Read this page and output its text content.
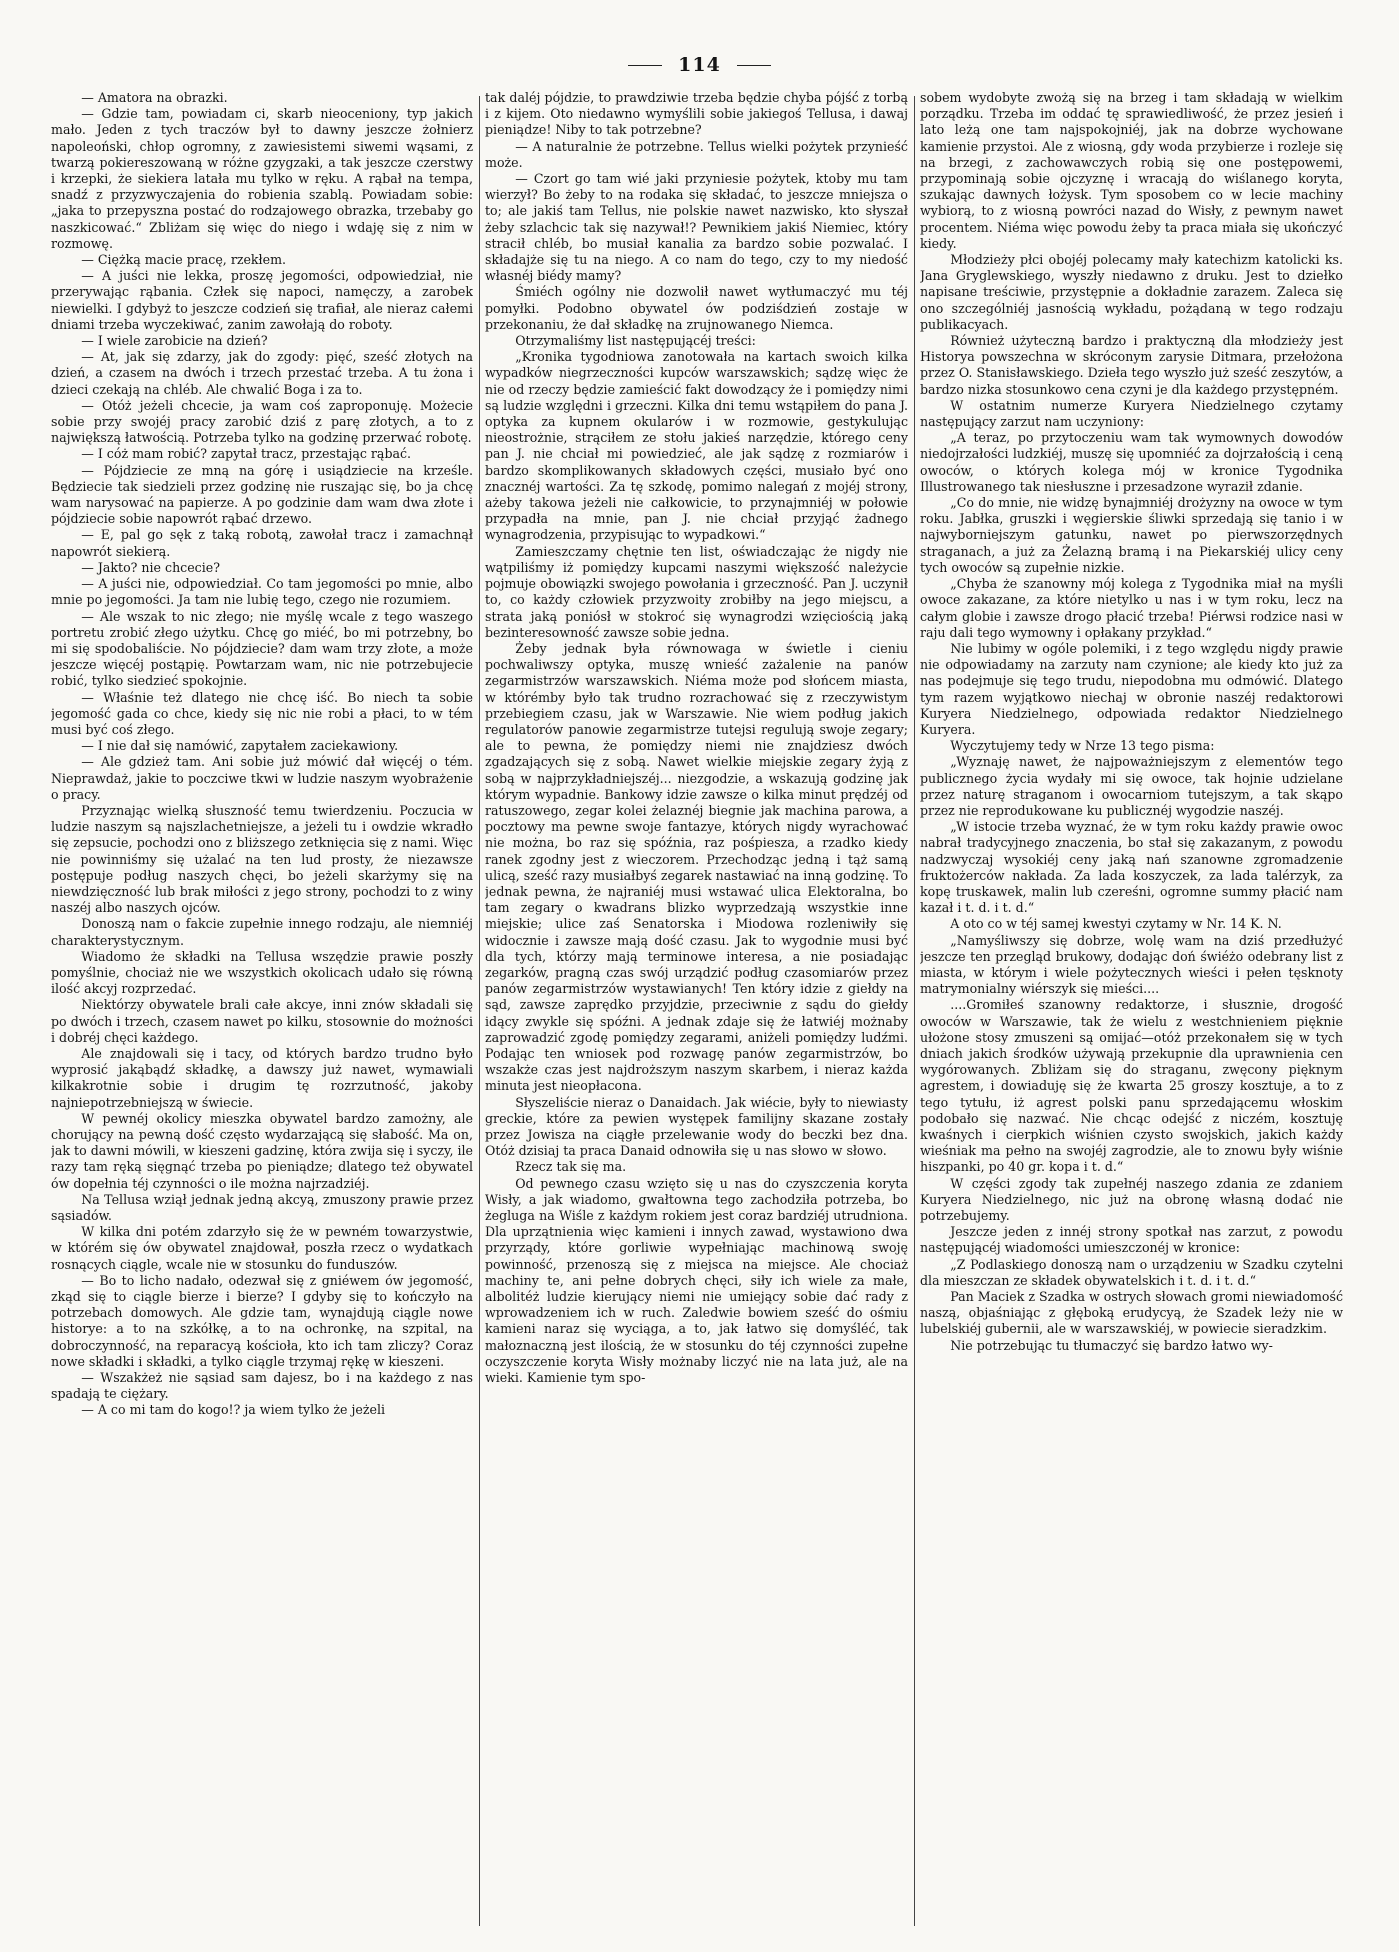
114

— Amatora na obrazki.

— Gdzie tam, powiadam ci, skarb nieoceniony, typ jakich mało. Jeden z tych traczów był to dawny jeszcze żołnierz napoleoński, chłop ogromny, z zawiesistemi siwemi wąsami, z twarzą pokiereszowaną w różne gzygzaki, a tak jeszcze czerstwy i krzepki, że siekiera latała mu tylko w ręku. A rąbał na tempa, snadź z przyzwyczajenia do robienia szablą. Powiadam sobie: „jaka to przepyszna postać do rodzajowego obrazka, trzebaby go naszkicować.“ Zbliżam się więc do niego i wdaję się z nim w rozmowę.

— Ciężką macie pracę, rzekłem.

— A juści nie lekka, proszę jegomości, odpowiedział, nie przerywając rąbania. Człek się napoci, namęczy, a zarobek niewielki. I gdybyż to jeszcze codzień się trafiał, ale nieraz całemi dniami trzeba wyczekiwać, zanim zawołają do roboty.

— I wiele zarobicie na dzień?

— At, jak się zdarzy, jak do zgody: pięć, sześć złotych na dzień, a czasem na dwóch i trzech przestać trzeba. A tu żona i dzieci czekają na chléb. Ale chwalić Boga i za to.

— Otóż jeżeli chcecie, ja wam coś zaproponuję. Możecie sobie przy swojéj pracy zarobić dziś z parę złotych, a to z największą łatwością. Potrzeba tylko na godzinę przerwać robotę.

— I cóż mam robić? zapytał tracz, przestając rąbać.

— Pójdziecie ze mną na górę i usiądziecie na krześle. Będziecie tak siedzieli przez godzinę nie ruszając się, bo ja chcę wam narysować na papierze. A po godzinie dam wam dwa złote i pójdziecie sobie napowrót rąbać drzewo.

— E, pal go sęk z taką robotą, zawołał tracz i zamachnął napowrót siekierą.

— Jakto? nie chcecie?

— A juści nie, odpowiedział. Co tam jegomości po mnie, albo mnie po jegomości. Ja tam nie lubię tego, czego nie rozumiem.

— Ale wszak to nic złego; nie myślę wcale z tego waszego portretu zrobić złego użytku. Chcę go miéć, bo mi potrzebny, bo mi się spodobaliście. No pójdziecie? dam wam trzy złote, a może jeszcze więcéj postąpię. Powtarzam wam, nic nie potrzebujecie robić, tylko siedzieć spokojnie.

— Właśnie też dlatego nie chcę iść. Bo niech ta sobie jegomość gada co chce, kiedy się nic nie robi a płaci, to w tém musi być coś złego.

— I nie dał się namówić, zapytałem zaciekawiony.

— Ale gdzież tam. Ani sobie już mówić dał więcéj o tém. Nieprawdaż, jakie to poczciwe tkwi w ludzie naszym wyobrażenie o pracy.

Przyznając wielką słuszność temu twierdzeniu. Poczucia w ludzie naszym są najszlachetniejsze, a jeżeli tu i owdzie wkradło się zepsucie, pochodzi ono z bliższego zetknięcia się z nami. Więc nie powinniśmy się użalać na ten lud prosty, że niezawsze postępuje podług naszych chęci, bo jeżeli skarżymy się na niewdzięczność lub brak miłości z jego strony, pochodzi to z winy naszéj albo naszych ojców.

Donoszą nam o fakcie zupełnie innego rodzaju, ale niemniéj charakterystycznym.

Wiadomo że składki na Tellusa wszędzie prawie poszły pomyślnie, chociaż nie we wszystkich okolicach udało się równą ilość akcyj rozprzedać.

Niektórzy obywatele brali całe akcye, inni znów składali się po dwóch i trzech, czasem nawet po kilku, stosownie do możności i dobréj chęci każdego.

Ale znajdowali się i tacy, od których bardzo trudno było wyprosić jakąbądź składkę, a dawszy już nawet, wymawiali kilkakrotnie sobie i drugim tę rozrzutność, jakoby najniepotrzebniejszą w świecie.

W pewnéj okolicy mieszka obywatel bardzo zamożny, ale chorujący na pewną dość często wydarzającą się słabość. Ma on, jak to dawni mówili, w kieszeni gadzinę, która zwija się i syczy, ile razy tam ręką sięgnąć trzeba po pieniądze; dlatego też obywatel ów dopełnia téj czynności o ile można najrzadziéj.

Na Tellusa wziął jednak jedną akcyą, zmuszony prawie przez sąsiadów.

W kilka dni potém zdarzyło się że w pewném towarzystwie, w którém się ów obywatel znajdował, poszła rzecz o wydatkach rosnących ciągle, wcale nie w stosunku do funduszów.

— Bo to licho nadało, odezwał się z gniéwem ów jegomość, zkąd się to ciągle bierze i bierze? I gdyby się to kończyło na potrzebach domowych. Ale gdzie tam, wynajdują ciągle nowe historye: a to na szkółkę, a to na ochronkę, na szpital, na dobroczynność, na reparacyą kościoła, kto ich tam zliczy? Coraz nowe składki i składki, a tylko ciągle trzymaj rękę w kieszeni.

— Wszakżeż nie sąsiad sam dajesz, bo i na każdego z nas spadają te ciężary.

— A co mi tam do kogo!? ja wiem tylko że jeżeli

tak daléj pójdzie, to prawdziwie trzeba będzie chyba pójść z torbą i z kijem. Oto niedawno wymyślili sobie jakiegoś Tellusa, i dawaj pieniądze! Niby to tak potrzebne?

— A naturalnie że potrzebne. Tellus wielki pożytek przynieść może.

— Czort go tam wié jaki przyniesie pożytek, ktoby mu tam wierzył? Bo żeby to na rodaka się składać, to jeszcze mniejsza o to; ale jakiś tam Tellus, nie polskie nawet nazwisko, kto słyszał żeby szlachcic tak się nazywał!? Pewnikiem jakiś Niemiec, który stracił chléb, bo musiał kanalia za bardzo sobie pozwalać. I składajże się tu na niego. A co nam do tego, czy to my niedość własnéj biédy mamy?

Śmiéch ogólny nie dozwolił nawet wytłumaczyć mu téj pomyłki. Podobno obywatel ów podziśdzień zostaje w przekonaniu, że dał składkę na zrujnowanego Niemca.

Otrzymaliśmy list następującéj treści:

„Kronika tygodniowa zanotowała na kartach swoich kilka wypadków niegrzeczności kupców warszawskich; sądzę więc że nie od rzeczy będzie zamieścić fakt dowodzący że i pomiędzy nimi są ludzie względni i grzeczni. Kilka dni temu wstąpiłem do pana J. optyka za kupnem okularów i w rozmowie, gestykulując nieostrożnie, strąciłem ze stołu jakieś narzędzie, którego ceny pan J. nie chciał mi powiedzieć, ale jak sądzę z rozmiarów i bardzo skomplikowanych składowych części, musiało być ono znacznéj wartości. Za tę szkodę, pomimo nalegań z mojéj strony, ażeby takowa jeżeli nie całkowicie, to przynajmniéj w połowie przypadła na mnie, pan J. nie chciał przyjąć żadnego wynagrodzenia, przypisując to wypadkowi.“

Zamieszczamy chętnie ten list, oświadczając że nigdy nie wątpiliśmy iż pomiędzy kupcami naszymi większość należycie pojmuje obowiązki swojego powołania i grzeczność. Pan J. uczynił to, co każdy człowiek przyzwoity zrobiłby na jego miejscu, a strata jaką poniósł w stokroć się wynagrodzi wzięciością jaką bezinteresowność zawsze sobie jedna.

Żeby jednak była równowaga w świetle i cieniu pochwaliwszy optyka, muszę wnieść zażalenie na panów zegarmistrzów warszawskich. Niéma może pod słońcem miasta, w którémby było tak trudno rozrachować się z rzeczywistym przebiegiem czasu, jak w Warszawie. Nie wiem podług jakich regulatorów panowie zegarmistrze tutejsi regulują swoje zegary; ale to pewna, że pomiędzy niemi nie znajdziesz dwóch zgadzających się z sobą. Nawet wielkie miejskie zegary żyją z sobą w najprzykładniejszéj... niezgodzie, a wskazują godzinę jak którym wypadnie. Bankowy idzie zawsze o kilka minut prędzéj od ratuszowego, zegar kolei żelaznéj biegnie jak machina parowa, a pocztowy ma pewne swoje fantazye, których nigdy wyrachować nie można, bo raz się spóźnia, raz pośpiesza, a rzadko kiedy ranek zgodny jest z wieczorem. Przechodząc jedną i tąż samą ulicą, sześć razy musiałbyś zegarek nastawiać na inną godzinę. To jednak pewna, że najraniéj musi wstawać ulica Elektoralna, bo tam zegary o kwadrans blizko wyprzedzają wszystkie inne miejskie; ulice zaś Senatorska i Miodowa rozleniwiły się widocznie i zawsze mają dość czasu. Jak to wygodnie musi być dla tych, którzy mają terminowe interesa, a nie posiadając zegarków, pragną czas swój urządzić podług czasomiarów przez panów zegarmistrzów wystawianych! Ten który idzie z giełdy na sąd, zawsze zaprędko przyjdzie, przeciwnie z sądu do giełdy idący zwykle się spóźni. A jednak zdaje się że łatwiéj możnaby zaprowadzić zgodę pomiędzy zegarami, aniżeli pomiędzy ludźmi. Podając ten wniosek pod rozwagę panów zegarmistrzów, bo wszakże czas jest najdroższym naszym skarbem, i nieraz każda minuta jest nieopłacona.

Słyszeliście nieraz o Danaidach. Jak wiécie, były to niewiasty greckie, które za pewien występek familijny skazane zostały przez Jowisza na ciągłe przelewanie wody do beczki bez dna. Otóż dzisiaj ta praca Danaid odnowiła się u nas słowo w słowo.

Rzecz tak się ma.

Od pewnego czasu wzięto się u nas do czyszczenia koryta Wisły, a jak wiadomo, gwałtowna tego zachodziła potrzeba, bo żegluga na Wiśle z każdym rokiem jest coraz bardziéj utrudniona. Dla uprzątnienia więc kamieni i innych zawad, wystawiono dwa przyrządy, które gorliwie wypełniając machinową swoję powinność, przenoszą się z miejsca na miejsce. Ale chociaż machiny te, ani pełne dobrych chęci, siły ich wiele za małe, albolitéż ludzie kierujący niemi nie umiejący sobie dać rady z wprowadzeniem ich w ruch. Zaledwie bowiem sześć do ośmiu kamieni naraz się wyciąga, a to, jak łatwo się domyśléć, tak małoznaczną jest ilością, że w stosunku do téj czynności zupełne oczyszczenie koryta Wisły możnaby liczyć nie na lata już, ale na wieki. Kamienie tym spo-

sobem wydobyte zwożą się na brzeg i tam składają w wielkim porządku. Trzeba im oddać tę sprawiedliwość, że przez jesień i lato leżą one tam najspokojniéj, jak na dobrze wychowane kamienie przystoi. Ale z wiosną, gdy woda przybierze i rozleje się na brzegi, z zachowawczych robią się one postępowemi, przypominają sobie ojczyznę i wracają do wiślanego koryta, szukając dawnych łożysk. Tym sposobem co w lecie machiny wybiorą, to z wiosną powróci nazad do Wisły, z pewnym nawet procentem. Niéma więc powodu żeby ta praca miała się ukończyć kiedy.

Młodzieży płci obojéj polecamy mały katechizm katolicki ks. Jana Gryglewskiego, wyszły niedawno z druku. Jest to dziełko napisane treściwie, przystępnie a dokładnie zarazem. Zaleca się ono szczególniéj jasnością wykładu, pożądaną w tego rodzaju publikacyach.

Również użyteczną bardzo i praktyczną dla młodzieży jest Historya powszechna w skróconym zarysie Ditmara, przełożona przez O. Stanisławskiego. Dzieła tego wyszło już sześć zeszytów, a bardzo nizka stosunkowo cena czyni je dla każdego przystępném.

W ostatnim numerze Kuryera Niedzielnego czytamy następujący zarzut nam uczyniony:

„A teraz, po przytoczeniu wam tak wymownych dowodów niedojrzałości ludzkiéj, muszę się upomniéć za dojrzałością i ceną owoców, o których kolega mój w kronice Tygodnika Illustrowanego tak niesłuszne i przesadzone wyraził zdanie.

„Co do mnie, nie widzę bynajmniéj drożyzny na owoce w tym roku. Jabłka, gruszki i węgierskie śliwki sprzedają się tanio i w najwyborniejszym gatunku, nawet po pierwszorzędnych straganach, a już za Żelazną bramą i na Piekarskiéj ulicy ceny tych owoców są zupełnie nizkie.

„Chyba że szanowny mój kolega z Tygodnika miał na myśli owoce zakazane, za które nietylko u nas i w tym roku, lecz na całym globie i zawsze drogo płacić trzeba! Piérwsi rodzice nasi w raju dali tego wymowny i opłakany przykład.“

Nie lubimy w ogóle polemiki, i z tego względu nigdy prawie nie odpowiadamy na zarzuty nam czynione; ale kiedy kto już za nas podejmuje się tego trudu, niepodobna mu odmówić. Dlatego tym razem wyjątkowo niechaj w obronie naszéj redaktorowi Kuryera Niedzielnego, odpowiada redaktor Niedzielnego Kuryera.

Wyczytujemy tedy w Nrze 13 tego pisma:

„Wyznaję nawet, że najpoważniejszym z elementów tego publicznego życia wydały mi się owoce, tak hojnie udzielane przez naturę straganom i owocarniom tutejszym, a tak skąpo przez nie reprodukowane ku publicznéj wygodzie naszéj.

„W istocie trzeba wyznać, że w tym roku każdy prawie owoc nabrał tradycyjnego znaczenia, bo stał się zakazanym, z powodu nadzwyczaj wysokiéj ceny jaką nań szanowne zgromadzenie fruktożerców nakłada. Za lada koszyczek, za lada talérzyk, za kopę truskawek, malin lub czereśni, ogromne summy płacić nam kazał i t. d. i t. d.“

A oto co w téj samej kwestyi czytamy w Nr. 14 K. N.

„Namyśliwszy się dobrze, wolę wam na dziś przedłużyć jeszcze ten przegląd brukowy, dodając doń świéżo odebrany list z miasta, w którym i wiele pożytecznych wieści i pełen tęsknoty matrymonialny wiérszyk się mieści....

....Gromiłeś szanowny redaktorze, i słusznie, drogość owoców w Warszawie, tak że wielu z westchnieniem pięknie ułożone stosy zmuszeni są omijać—otóż przekonałem się w tych dniach jakich środków używają przekupnie dla uprawnienia cen wygórowanych. Zbliżam się do straganu, zwęcony pięknym agrestem, i dowiaduję się że kwarta 25 groszy kosztuje, a to z tego tytułu, iż agrest polski panu sprzedającemu włoskim podobało się nazwać. Nie chcąc odejść z niczém, kosztuję kwaśnych i cierpkich wiśnien czysto swojskich, jakich każdy wieśniak ma pełno na swojéj zagrodzie, ale to znowu były wiśnie hiszpanki, po 40 gr. kopa i t. d.“

W części zgody tak zupełnéj naszego zdania ze zdaniem Kuryera Niedzielnego, nic już na obronę własną dodać nie potrzebujemy.

Jeszcze jeden z innéj strony spotkał nas zarzut, z powodu następującéj wiadomości umieszczonéj w kronice:

„Z Podlaskiego donoszą nam o urządzeniu w Szadku czytelni dla mieszczan ze składek obywatelskich i t. d. i t. d.“

Pan Maciek z Szadka w ostrych słowach gromi niewiadomość naszą, objaśniając z głęboką erudycyą, że Szadek leży nie w lubelskiéj gubernii, ale w warszawskiéj, w powiecie sieradzkim.

Nie potrzebując tu tłumaczyć się bardzo łatwo wy-
